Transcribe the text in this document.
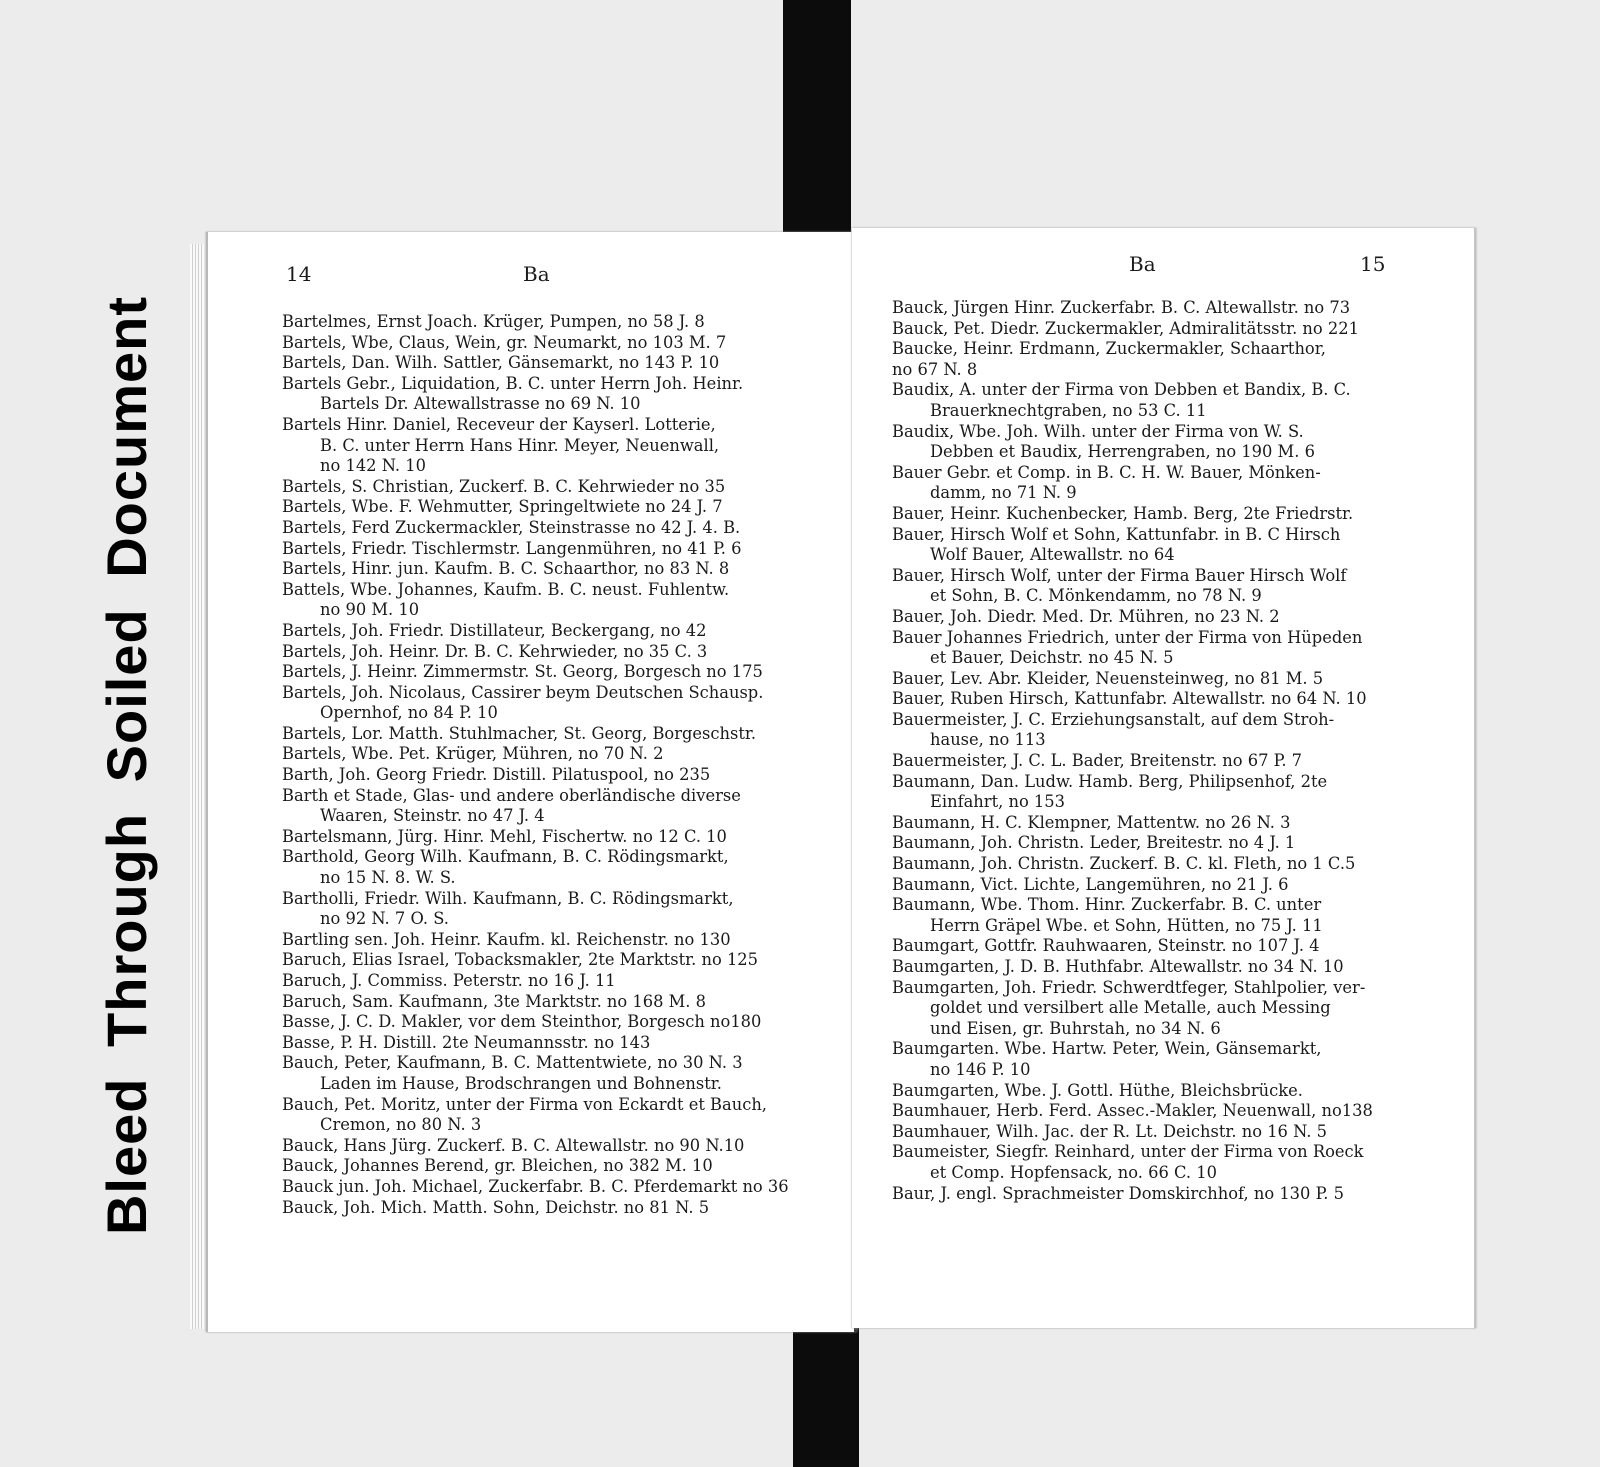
Bleed Through Soiled Document
14	Ba
Bartelmes, Ernst Joach. Krüger, Pumpen, no 58 J. 8
Bartels, Wbe, Claus, Wein, gr. Neumarkt, no 103 M. 7
Bartels, Dan. Wilh. Sattler, Gänsemarkt, no 143 P. 10
Bartels Gebr., Liquidation, B. C. unter Herrn Joh. Heinr.
Bartels Dr. Altewallstrasse no 69 N. 10
Bartels Hinr. Daniel, Receveur der Kayserl. Lotterie,
B. C. unter Herrn Hans Hinr. Meyer, Neuenwall,
no 142 N. 10
Bartels, S. Christian, Zuckerf. B. C. Kehrwieder no 35
Bartels, Wbe. F. Wehmutter, Springeltwiete no 24 J. 7
Bartels, Ferd Zuckermackler, Steinstrasse no 42 J. 4. B.
Bartels, Friedr. Tischlermstr. Langenmühren, no 41 P. 6
Bartels, Hinr. jun. Kaufm. B. C. Schaarthor, no 83 N. 8
Battels, Wbe. Johannes, Kaufm. B. C. neust. Fuhlentw.
no 90 M. 10
Bartels, Joh. Friedr. Distillateur, Beckergang, no 42
Bartels, Joh. Heinr. Dr. B. C. Kehrwieder, no 35 C. 3
Bartels, J. Heinr. Zimmermstr. St. Georg, Borgesch no 175
Bartels, Joh. Nicolaus, Cassirer beym Deutschen Schausp.
Opernhof, no 84 P. 10
Bartels, Lor. Matth. Stuhlmacher, St. Georg, Borgeschstr.
Bartels, Wbe. Pet. Krüger, Mühren, no 70 N. 2
Barth, Joh. Georg Friedr. Distill. Pilatuspool, no 235
Barth et Stade, Glas- und andere oberländische diverse
Waaren, Steinstr. no 47 J. 4
Bartelsmann, Jürg. Hinr. Mehl, Fischertw. no 12 C. 10
Barthold, Georg Wilh. Kaufmann, B. C. Rödingsmarkt,
no 15 N. 8. W. S.
Bartholli, Friedr. Wilh. Kaufmann, B. C. Rödingsmarkt,
no 92 N. 7 O. S.
Bartling sen. Joh. Heinr. Kaufm. kl. Reichenstr. no 130
Baruch, Elias Israel, Tobacksmakler, 2te Marktstr. no 125
Baruch, J. Commiss. Peterstr. no 16 J. 11
Baruch, Sam. Kaufmann, 3te Marktstr. no 168 M. 8
Basse, J. C. D. Makler, vor dem Steinthor, Borgesch no180
Basse, P. H. Distill. 2te Neumannsstr. no 143
Bauch, Peter, Kaufmann, B. C. Mattentwiete, no 30 N. 3
Laden im Hause, Brodschrangen und Bohnenstr.
Bauch, Pet. Moritz, unter der Firma von Eckardt et Bauch,
Cremon, no 80 N. 3
Bauck, Hans Jürg. Zuckerf. B. C. Altewallstr. no 90 N.10
Bauck, Johannes Berend, gr. Bleichen, no 382 M. 10
Bauck jun. Joh. Michael, Zuckerfabr. B. C. Pferdemarkt no 36
Bauck, Joh. Mich. Matth. Sohn, Deichstr. no 81 N. 5
Ba	15
Bauck, Jürgen Hinr. Zuckerfabr. B. C. Altewallstr. no 73
Bauck, Pet. Diedr. Zuckermakler, Admiralitätsstr. no 221
Baucke, Heinr. Erdmann, Zuckermakler, Schaarthor,
no 67 N. 8
Baudix, A. unter der Firma von Debben et Bandix, B. C.
Brauerknechtgraben, no 53 C. 11
Baudix, Wbe. Joh. Wilh. unter der Firma von W. S.
Debben et Baudix, Herrengraben, no 190 M. 6
Bauer Gebr. et Comp. in B. C. H. W. Bauer, Mönken-
damm, no 71 N. 9
Bauer, Heinr. Kuchenbecker, Hamb. Berg, 2te Friedrstr.
Bauer, Hirsch Wolf et Sohn, Kattunfabr. in B. C Hirsch
Wolf Bauer, Altewallstr. no 64
Bauer, Hirsch Wolf, unter der Firma Bauer Hirsch Wolf
et Sohn, B. C. Mönkendamm, no 78 N. 9
Bauer, Joh. Diedr. Med. Dr. Mühren, no 23 N. 2
Bauer Johannes Friedrich, unter der Firma von Hüpeden
et Bauer, Deichstr. no 45 N. 5
Bauer, Lev. Abr. Kleider, Neuensteinweg, no 81 M. 5
Bauer, Ruben Hirsch, Kattunfabr. Altewallstr. no 64 N. 10
Bauermeister, J. C. Erziehungsanstalt, auf dem Stroh-
hause, no 113
Bauermeister, J. C. L. Bader, Breitenstr. no 67 P. 7
Baumann, Dan. Ludw. Hamb. Berg, Philipsenhof, 2te
Einfahrt, no 153
Baumann, H. C. Klempner, Mattentw. no 26 N. 3
Baumann, Joh. Christn. Leder, Breitestr. no 4 J. 1
Baumann, Joh. Christn. Zuckerf. B. C. kl. Fleth, no 1 C.5
Baumann, Vict. Lichte, Langemühren, no 21 J. 6
Baumann, Wbe. Thom. Hinr. Zuckerfabr. B. C. unter
Herrn Gräpel Wbe. et Sohn, Hütten, no 75 J. 11
Baumgart, Gottfr. Rauhwaaren, Steinstr. no 107 J. 4
Baumgarten, J. D. B. Huthfabr. Altewallstr. no 34 N. 10
Baumgarten, Joh. Friedr. Schwerdtfeger, Stahlpolier, ver-
goldet und versilbert alle Metalle, auch Messing
und Eisen, gr. Buhrstah, no 34 N. 6
Baumgarten. Wbe. Hartw. Peter, Wein, Gänsemarkt,
no 146 P. 10
Baumgarten, Wbe. J. Gottl. Hüthe, Bleichsbrücke.
Baumhauer, Herb. Ferd. Assec.-Makler, Neuenwall, no138
Baumhauer, Wilh. Jac. der R. Lt. Deichstr. no 16 N. 5
Baumeister, Siegfr. Reinhard, unter der Firma von Roeck
et Comp. Hopfensack, no. 66 C. 10
Baur, J. engl. Sprachmeister Domskirchhof, no 130 P. 5
